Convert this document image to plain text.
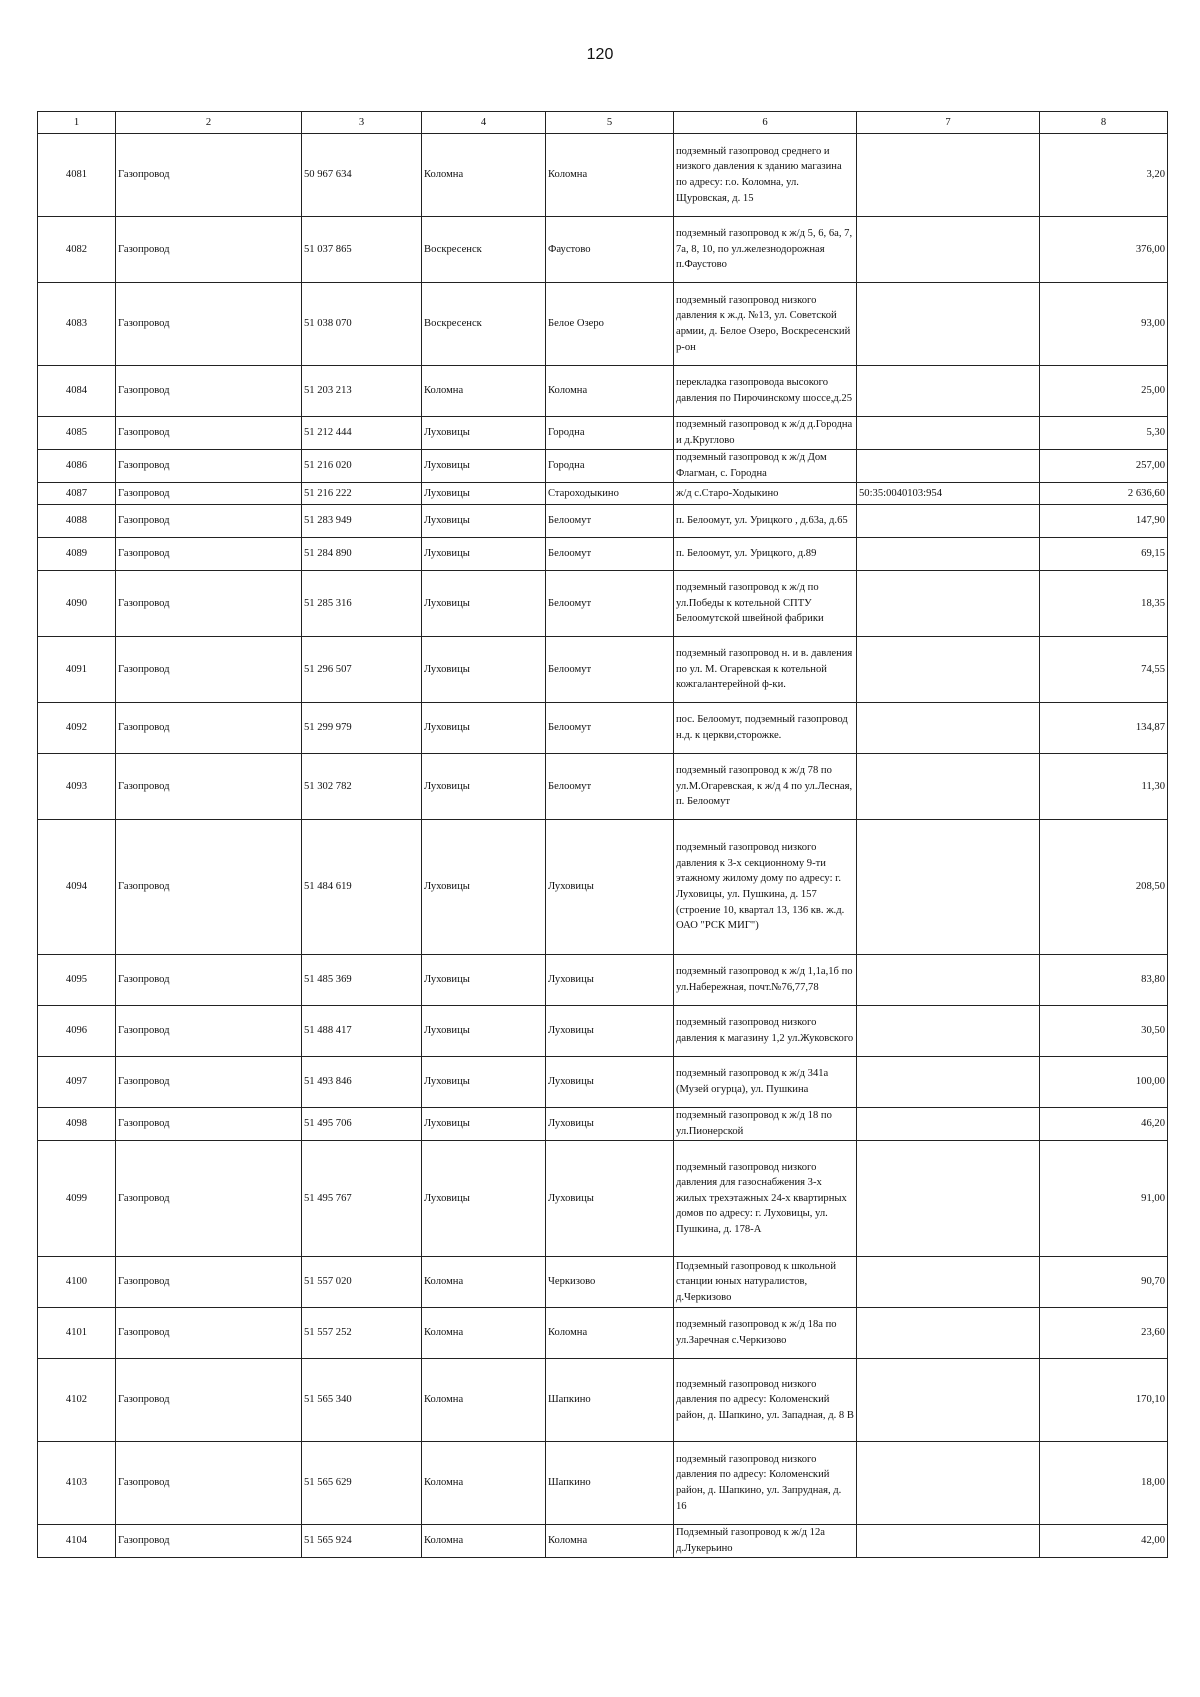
120
1	2	3	4	5	6	7	8
4081	Газопровод	50 967 634	Коломна	Коломна	подземный газопровод среднего и низкого давления к зданию магазина по адресу: г.о. Коломна, ул. Щуровская, д. 15		3,20
4082	Газопровод	51 037 865	Воскресенск	Фаустово	подземный газопровод к ж/д 5, 6, 6а, 7, 7а, 8, 10, по ул.железнодорожная п.Фаустово		376,00
4083	Газопровод	51 038 070	Воскресенск	Белое Озеро	подземный газопровод низкого давления к ж.д. №13, ул. Советской армии, д. Белое Озеро, Воскресенский р-он		93,00
4084	Газопровод	51 203 213	Коломна	Коломна	перекладка газопровода высокого давления по Пирочинскому шоссе,д.25		25,00
4085	Газопровод	51 212 444	Луховицы	Городна	подземный газопровод к ж/д д.Городна и д.Круглово		5,30
4086	Газопровод	51 216 020	Луховицы	Городна	подземный газопровод к ж/д Дом Флагман, с. Городна		257,00
4087	Газопровод	51 216 222	Луховицы	Староходыкино	ж/д с.Старо-Ходыкино	50:35:0040103:954	2 636,60
4088	Газопровод	51 283 949	Луховицы	Белоомут	п. Белоомут, ул. Урицкого , д.63а, д.65		147,90
4089	Газопровод	51 284 890	Луховицы	Белоомут	п. Белоомут, ул. Урицкого, д.89		69,15
4090	Газопровод	51 285 316	Луховицы	Белоомут	подземный газопровод к ж/д по ул.Победы к котельной СПТУ Белоомутской швейной фабрики		18,35
4091	Газопровод	51 296 507	Луховицы	Белоомут	подземный газопровод н. и в. давления по ул. М. Огаревская к котельной кожгалантерейной ф-ки.		74,55
4092	Газопровод	51 299 979	Луховицы	Белоомут	пос. Белоомут, подземный газопровод н.д. к церкви,сторожке.		134,87
4093	Газопровод	51 302 782	Луховицы	Белоомут	подземный газопровод к ж/д 78 по ул.М.Огаревская, к ж/д 4 по ул.Лесная, п. Белоомут		11,30
4094	Газопровод	51 484 619	Луховицы	Луховицы	подземный газопровод низкого давления к 3-х секционному 9-ти этажному жилому дому по адресу: г. Луховицы, ул. Пушкина, д. 157 (строение 10, квартал 13, 136 кв. ж.д. ОАО "РСК МИГ")		208,50
4095	Газопровод	51 485 369	Луховицы	Луховицы	подземный газопровод к ж/д 1,1а,1б по ул.Набережная, почт.№76,77,78		83,80
4096	Газопровод	51 488 417	Луховицы	Луховицы	подземный газопровод низкого давления к магазину 1,2 ул.Жуковского		30,50
4097	Газопровод	51 493 846	Луховицы	Луховицы	подземный газопровод к ж/д 341а (Музей огурца), ул. Пушкина		100,00
4098	Газопровод	51 495 706	Луховицы	Луховицы	подземный газопровод к ж/д 18 по ул.Пионерской		46,20
4099	Газопровод	51 495 767	Луховицы	Луховицы	подземный газопровод низкого давления для газоснабжения 3-х жилых трехэтажных 24-х квартирных домов по адресу: г. Луховицы, ул. Пушкина, д. 178-А		91,00
4100	Газопровод	51 557 020	Коломна	Черкизово	Подземный газопровод к школьной станции юных натуралистов, д.Черкизово		90,70
4101	Газопровод	51 557 252	Коломна	Коломна	подземный газопровод к ж/д 18а по ул.Заречная с.Черкизово		23,60
4102	Газопровод	51 565 340	Коломна	Шапкино	подземный газопровод низкого давления по адресу: Коломенский район, д. Шапкино, ул. Западная, д. 8 В		170,10
4103	Газопровод	51 565 629	Коломна	Шапкино	подземный газопровод низкого давления по адресу: Коломенский район, д. Шапкино, ул. Запрудная, д. 16		18,00
4104	Газопровод	51 565 924	Коломна	Коломна	Подземный газопровод к ж/д 12а д.Лукерьино		42,00
